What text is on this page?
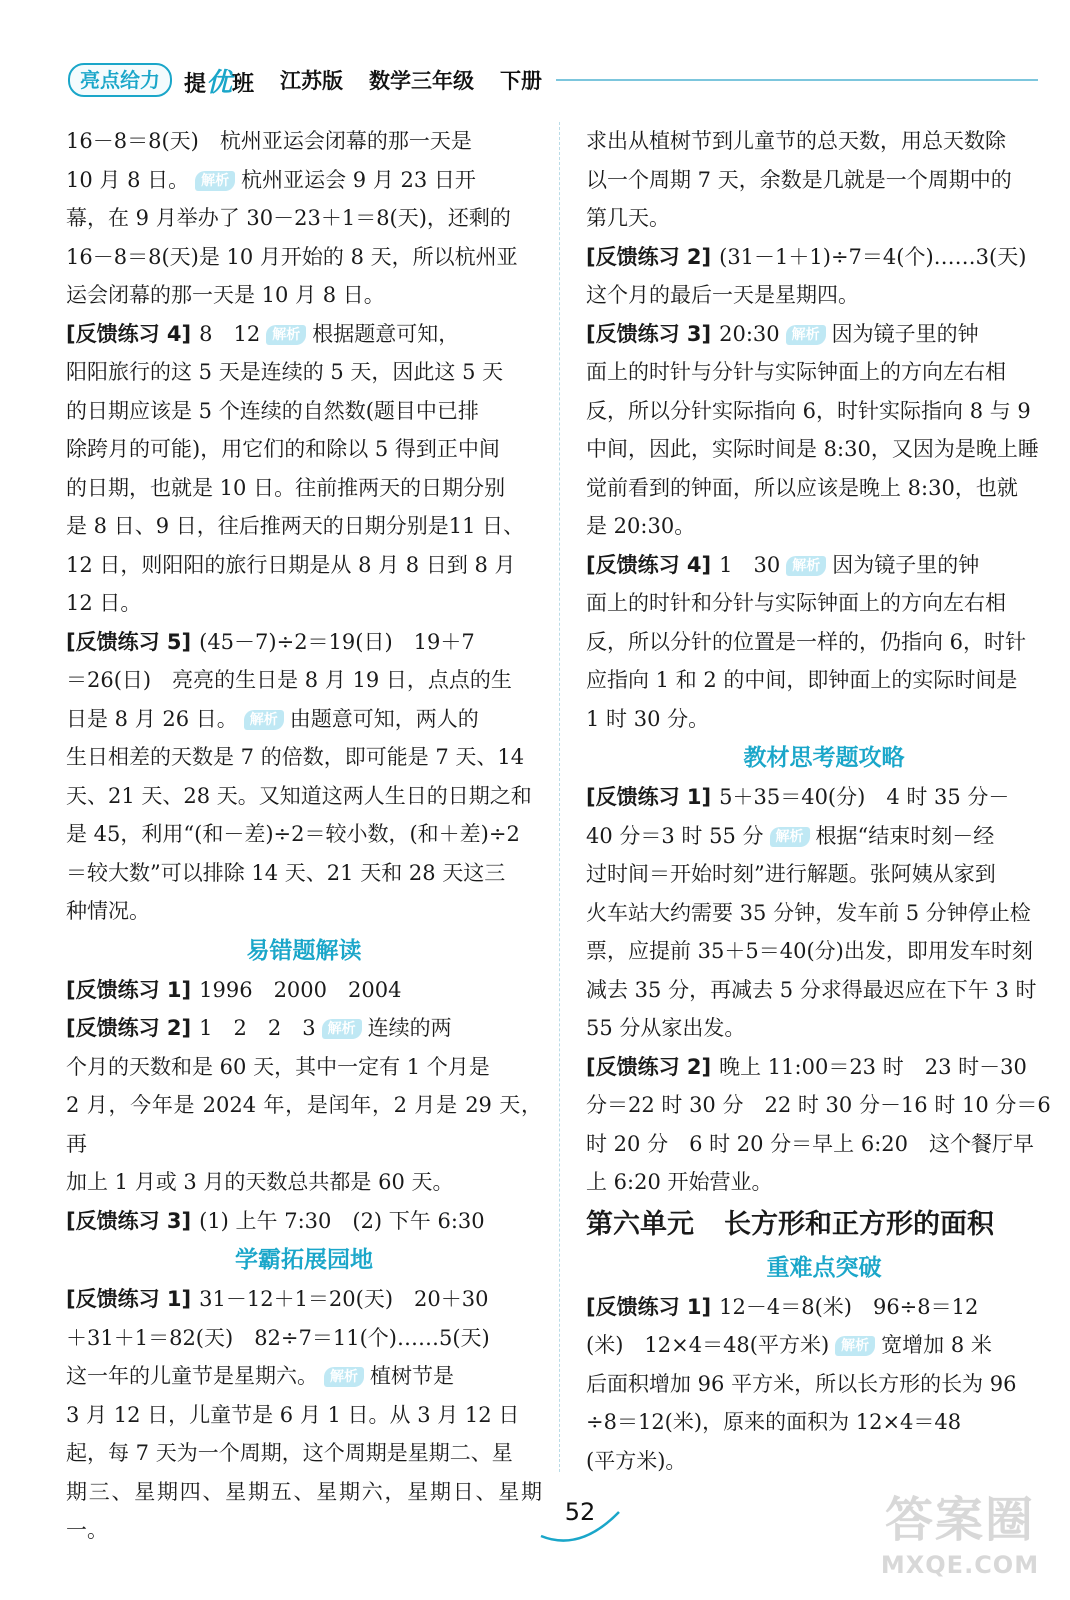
亮点给力	提优班 江苏版 数学三年级 下册

16－8＝8(天)　杭州亚运会闭幕的那一天是
10 月 8 日。 解析 杭州亚运会 9 月 23 日开
幕，在 9 月举办了 30－23＋1＝8(天)，还剩的
16－8＝8(天)是 10 月开始的 8 天，所以杭州亚
运会闭幕的那一天是 10 月 8 日。

[反馈练习 4] 8　12 解析 根据题意可知，
阳阳旅行的这 5 天是连续的 5 天，因此这 5 天
的日期应该是 5 个连续的自然数(题目中已排
除跨月的可能)，用它们的和除以 5 得到正中间
的日期，也就是 10 日。往前推两天的日期分别
是 8 日、9 日，往后推两天的日期分别是11 日、
12 日，则阳阳的旅行日期是从 8 月 8 日到 8 月
12 日。

[反馈练习 5] (45－7)÷2＝19(日)　19＋7
＝26(日)　亮亮的生日是 8 月 19 日，点点的生
日是 8 月 26 日。 解析 由题意可知，两人的
生日相差的天数是 7 的倍数，即可能是 7 天、14
天、21 天、28 天。又知道这两人生日的日期之和
是 45，利用“(和－差)÷2＝较小数，(和＋差)÷2
＝较大数”可以排除 14 天、21 天和 28 天这三
种情况。

易错题解读

[反馈练习 1] 1996　2000　2004

[反馈练习 2] 1　2　2　3 解析 连续的两
个月的天数和是 60 天，其中一定有 1 个月是
2 月，今年是 2024 年，是闰年，2 月是 29 天，再
加上 1 月或 3 月的天数总共都是 60 天。

[反馈练习 3] (1) 上午 7:30　(2) 下午 6:30

学霸拓展园地

[反馈练习 1] 31－12＋1＝20(天)　20＋30
＋31＋1＝82(天)　82÷7＝11(个)……5(天)
这一年的儿童节是星期六。 解析 植树节是
3 月 12 日，儿童节是 6 月 1 日。从 3 月 12 日
起，每 7 天为一个周期，这个周期是星期二、星
期三、星期四、星期五、星期六，星期日、星期一。

求出从植树节到儿童节的总天数，用总天数除
以一个周期 7 天，余数是几就是一个周期中的
第几天。

[反馈练习 2] (31－1＋1)÷7＝4(个)……3(天)
这个月的最后一天是星期四。

[反馈练习 3] 20:30 解析 因为镜子里的钟
面上的时针与分针与实际钟面上的方向左右相
反，所以分针实际指向 6，时针实际指向 8 与 9
中间，因此，实际时间是 8:30，又因为是晚上睡
觉前看到的钟面，所以应该是晚上 8:30，也就
是 20:30。

[反馈练习 4] 1　30 解析 因为镜子里的钟
面上的时针和分针与实际钟面上的方向左右相
反，所以分针的位置是一样的，仍指向 6，时针
应指向 1 和 2 的中间，即钟面上的实际时间是
1 时 30 分。

教材思考题攻略

[反馈练习 1] 5＋35＝40(分)　4 时 35 分－
40 分＝3 时 55 分 解析 根据“结束时刻－经
过时间＝开始时刻”进行解题。张阿姨从家到
火车站大约需要 35 分钟，发车前 5 分钟停止检
票，应提前 35＋5＝40(分)出发，即用发车时刻
减去 35 分，再减去 5 分求得最迟应在下午 3 时
55 分从家出发。

[反馈练习 2] 晚上 11:00＝23 时　23 时－30
分＝22 时 30 分　22 时 30 分－16 时 10 分＝6
时 20 分　6 时 20 分＝早上 6:20　这个餐厅早
上 6:20 开始营业。

第六单元 长方形和正方形的面积
重难点突破

[反馈练习 1] 12－4＝8(米)　96÷8＝12
(米)　12×4＝48(平方米) 解析 宽增加 8 米
后面积增加 96 平方米，所以长方形的长为 96
÷8＝12(米)，原来的面积为 12×4＝48
(平方米)。

52	答案圈
MXQE.COM
